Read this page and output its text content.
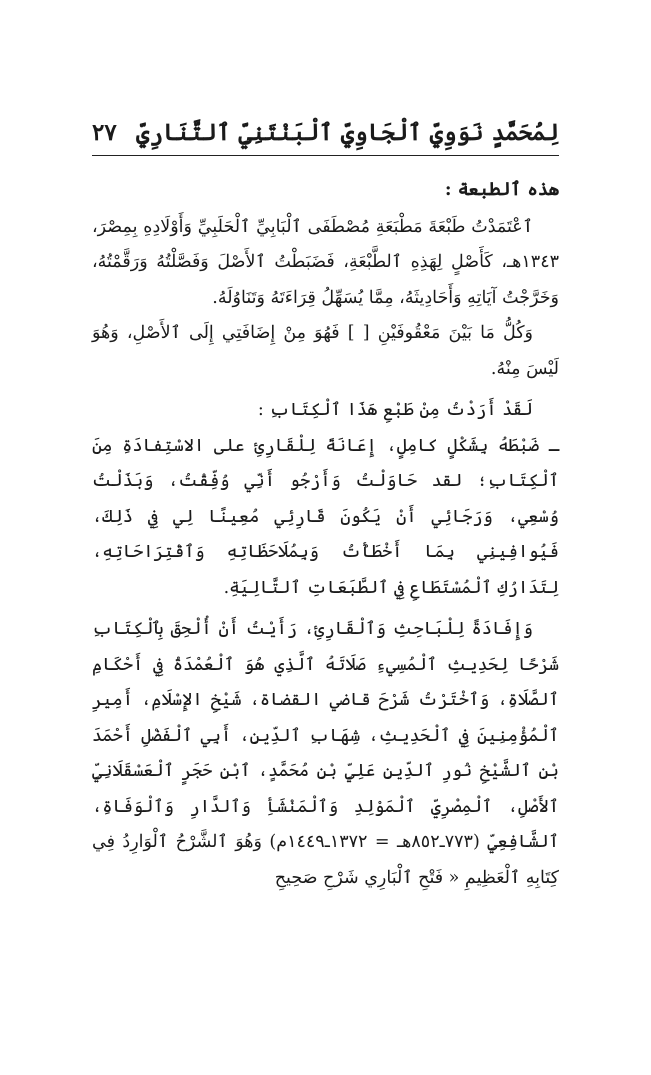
٢٧ لِمُحَمَّدٍ نَوَوِيِّ ٱلْجَاوِيِّ ٱلْبَنْتَنِيِّ ٱلتَّنَارِيِّ

هذه ٱلطبعة :

ٱعْتَمَدْتُ طَبْعَةَ مَطْبَعَةِ مُصْطَفَى ٱلْبَابِيِّ ٱلْحَلَبِيِّ وَأَوْلَادِهِ بِمِصْرَ، ١٣٤٣هـ، كَأَصْلٍ لِهَذِهِ ٱلطَّبْعَةِ، فَضَبَطْتُ ٱلأَصْلَ وَفَصَّلْتُهُ وَرَقَّمْتُهُ، وَخَرَّجْتُ آيَاتِهِ وَأَحَادِيثَهُ، مِمَّا يُسَهِّلُ قِرَاءَتَهُ وَتَنَاوُلَهُ.

وَكُلُّ مَا بَيْنَ مَعْقُوفَيْنِ [ ] فَهُوَ مِنْ إِضَافَتِي إِلَى ٱلأَصْلِ، وَهُوَ لَيْسَ مِنْهُ.

لَقَدْ أَرَدْتُ مِنْ طَبْعِ هَذَا ٱلْكِتَابِ :

ـ ضَبْطَهُ بِشَكْلٍ كامِلٍ، إِعَانَةً لِلْقَارِئِ على الاسْتِفادَةِ مِنَ ٱلْكِتَابِ؛ لقد حَاوَلْتُ وَأَرْجُو أَنِّي وُفِّقْتُ، وَبَذَلْتُ وُسْعِي، وَرَجَائِي أَنْ يَكُونَ قَارِئِي مُعِينًا لِي فِي ذَلِكَ، فَيُوافِينِي بِمَا أَخْطَأْتُ وَبِمُلَاحَظَاتِهِ وَٱقْتِرَاحَاتِهِ، لِتَدَارُكِ ٱلْمُسْتَطَاعِ فِي ٱلطَّبَعَاتِ ٱلتَّالِيَةِ.

وَإِفَادَةً لِلْبَاحِثِ وَٱلْقَارِئِ، رَأَيْتُ أَنْ أُلْحِقَ بِٱلْكِتَابِ شَرْحًا لِحَدِيثِ ٱلْمُسِيءِ صَلَاتَهُ ٱلَّذِي هُوَ ٱلْعُمْدَةُ فِي أَحْكَامِ ٱلصَّلَاةِ، وَٱخْتَرْتُ شَرْحَ قاضي القضاة، شَيْخِ الإِسْلَامِ، أَمِيرِ ٱلْمُؤْمِنِينَ فِي ٱلْحَدِيثِ، شِهَابِ ٱلدِّينِ، أَبِي ٱلْفَضْلِ أَحْمَدَ بْنِ ٱلشَّيْخِ نُورِ ٱلدِّينِ عَلِيِّ بْنِ مُحَمَّدٍ، ٱبْنِ حَجَرٍ ٱلْعَسْقَلَانِيِّ ٱلأَصْلِ، ٱلْمِصْرِيِّ ٱلْمَوْلِدِ وَٱلْمَنْشَأِ وَٱلدَّارِ وَٱلْوَفَاةِ، ٱلشَّافِعِيِّ (٧٧٣ـ٨٥٢هـ = ١٣٧٢ـ١٤٤٩م) وَهُوَ ٱلشَّرْحُ ٱلْوَارِدُ فِي كِتَابِهِ ٱلْعَظِيمِ « فَتْحِ ٱلْبَارِي شَرْحِ صَحِيحِ
